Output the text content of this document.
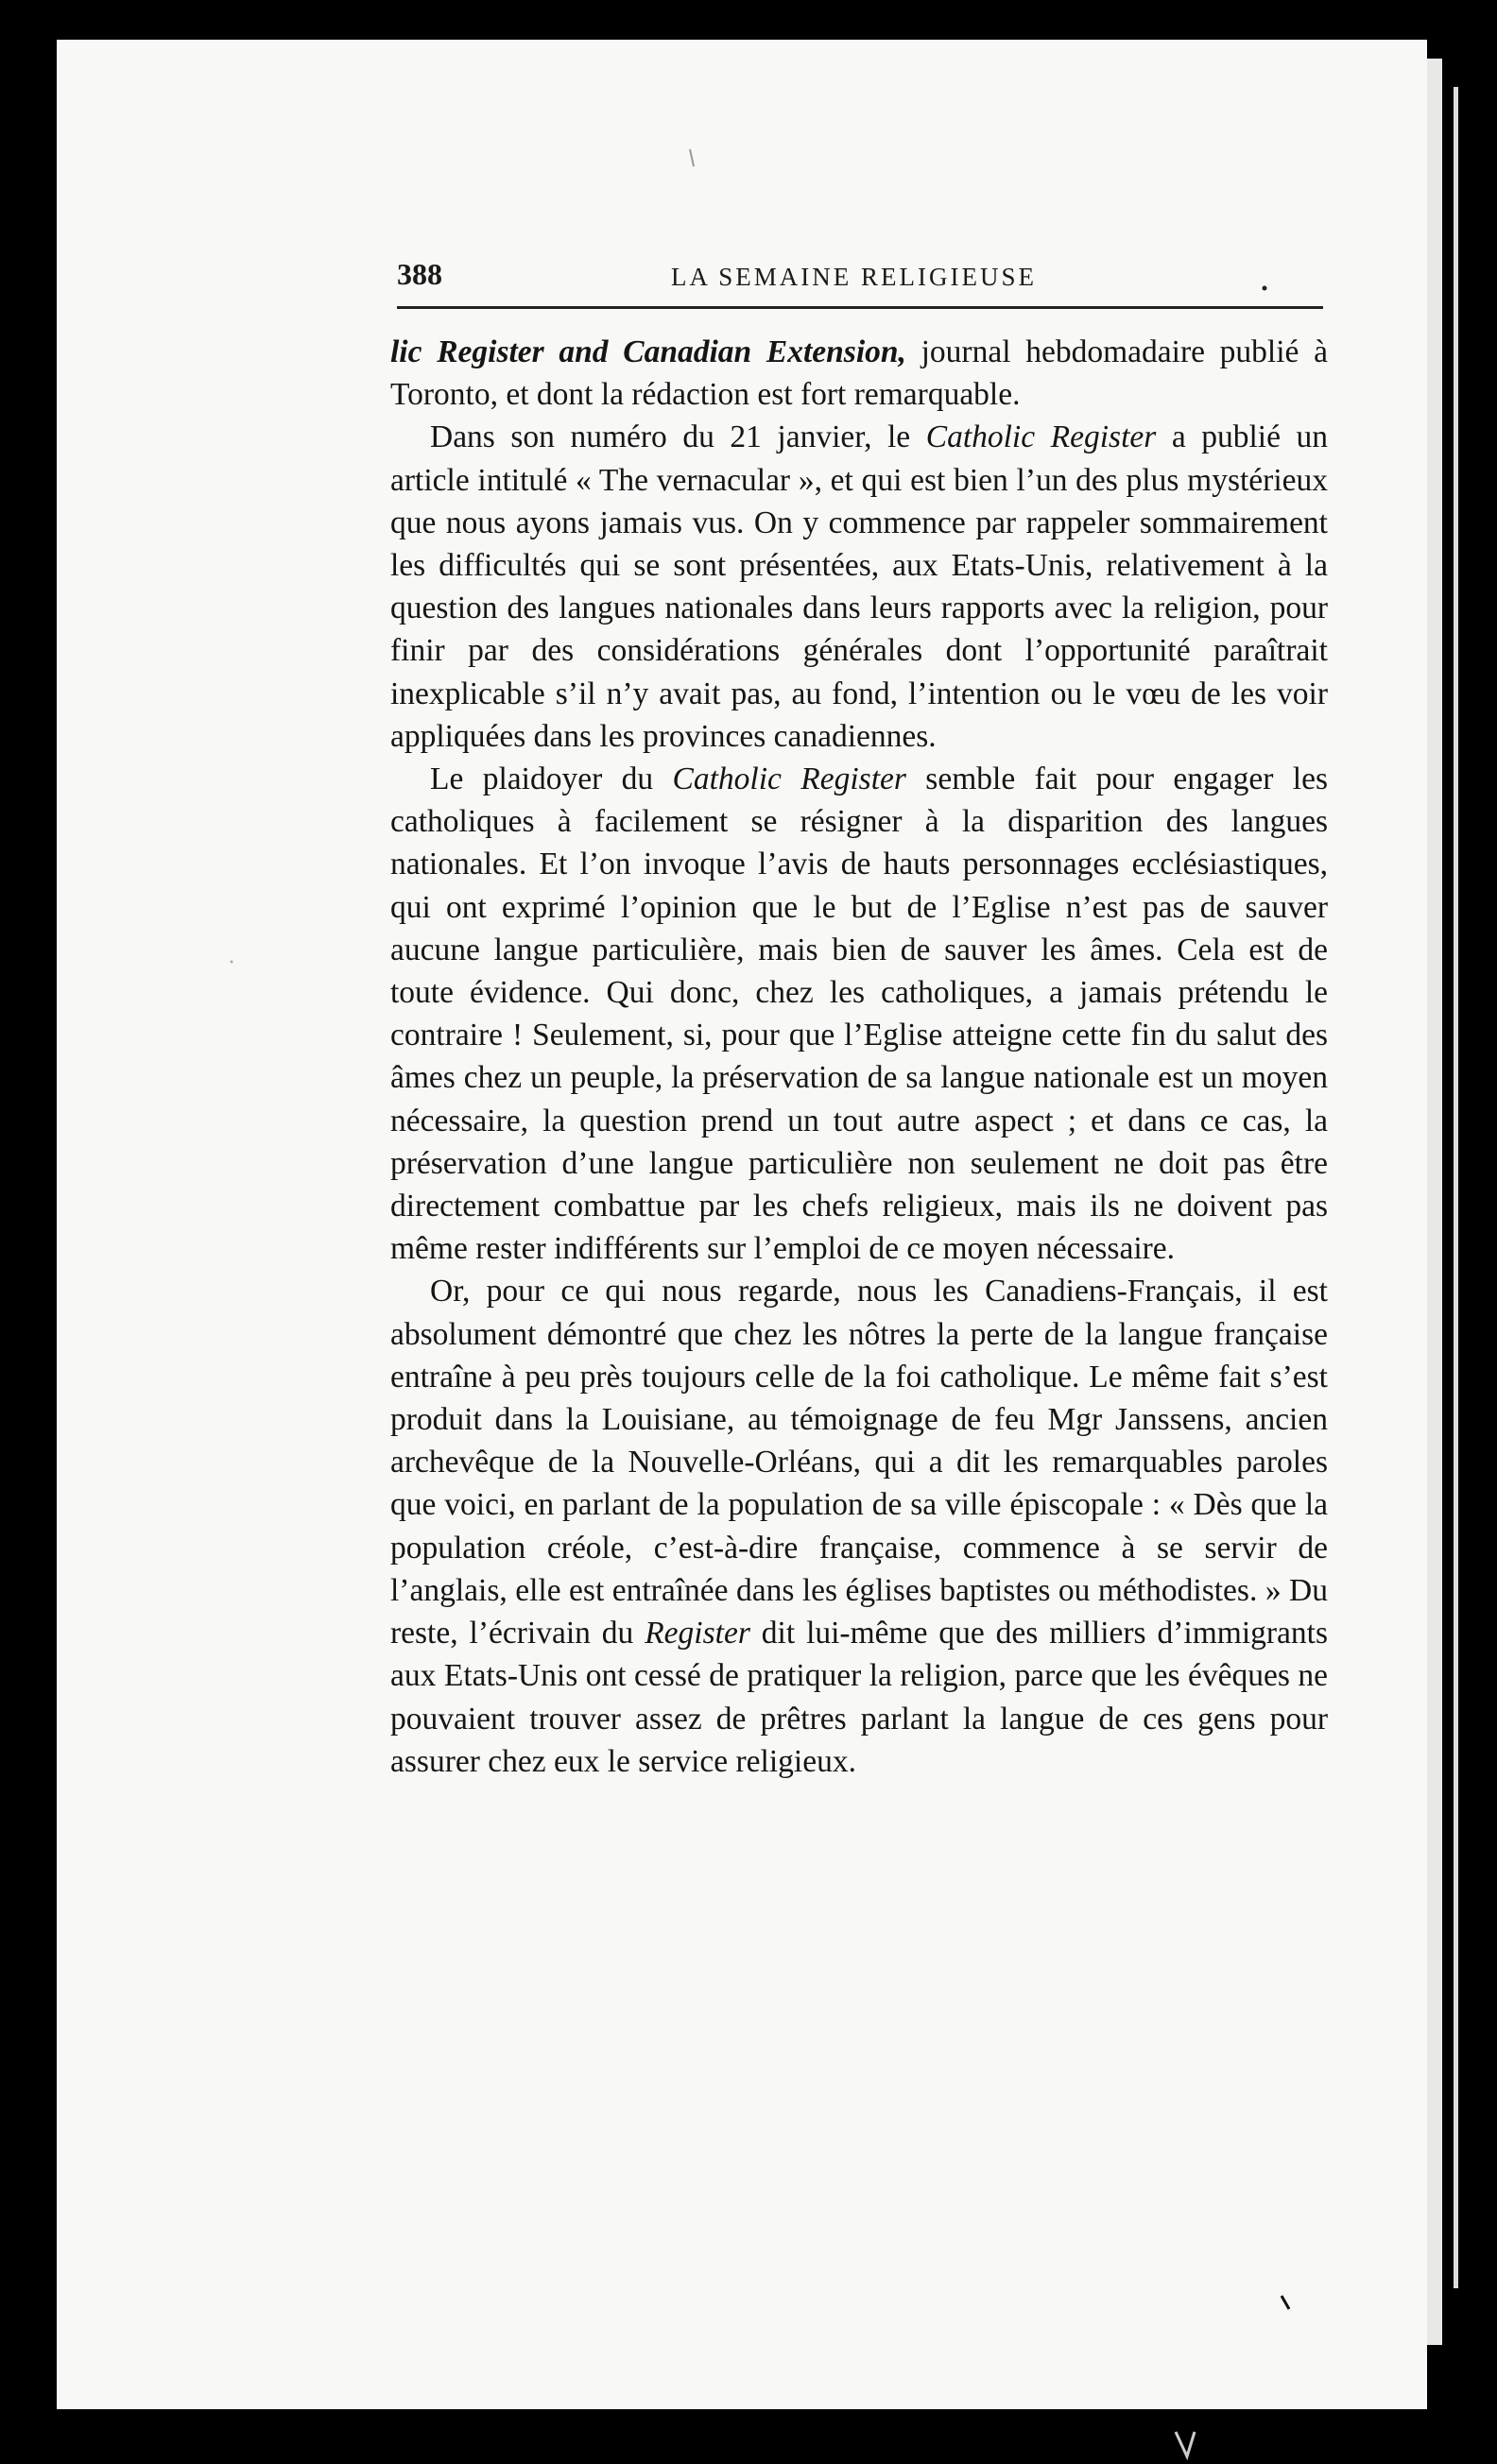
388	LA SEMAINE RELIGIEUSE

lic Register and Canadian Extension, journal hebdomadaire publié à Toronto, et dont la rédaction est fort remarquable.

Dans son numéro du 21 janvier, le Catholic Register a publié un article intitulé « The vernacular », et qui est bien l’un des plus mystérieux que nous ayons jamais vus. On y commence par rappeler sommairement les difficultés qui se sont présentées, aux Etats-Unis, relativement à la question des langues nationales dans leurs rapports avec la religion, pour finir par des considérations générales dont l’opportunité paraîtrait inexplicable s’il n’y avait pas, au fond, l’intention ou le vœu de les voir appliquées dans les provinces canadiennes.

Le plaidoyer du Catholic Register semble fait pour engager les catholiques à facilement se résigner à la disparition des langues nationales. Et l’on invoque l’avis de hauts personnages ecclésiastiques, qui ont exprimé l’opinion que le but de l’Eglise n’est pas de sauver aucune langue particulière, mais bien de sauver les âmes. Cela est de toute évidence. Qui donc, chez les catholiques, a jamais prétendu le contraire ! Seulement, si, pour que l’Eglise atteigne cette fin du salut des âmes chez un peuple, la préservation de sa langue nationale est un moyen nécessaire, la question prend un tout autre aspect ; et dans ce cas, la préservation d’une langue particulière non seulement ne doit pas être directement combattue par les chefs religieux, mais ils ne doivent pas même rester indifférents sur l’emploi de ce moyen nécessaire.

Or, pour ce qui nous regarde, nous les Canadiens-Français, il est absolument démontré que chez les nôtres la perte de la langue française entraîne à peu près toujours celle de la foi catholique. Le même fait s’est produit dans la Louisiane, au témoignage de feu Mgr Janssens, ancien archevêque de la Nouvelle-Orléans, qui a dit les remarquables paroles que voici, en parlant de la population de sa ville épiscopale : « Dès que la population créole, c’est-à-dire française, commence à se servir de l’anglais, elle est entraînée dans les églises baptistes ou méthodistes. » Du reste, l’écrivain du Register dit lui-même que des milliers d’immigrants aux Etats-Unis ont cessé de pratiquer la religion, parce que les évêques ne pouvaient trouver assez de prêtres parlant la langue de ces gens pour assurer chez eux le service religieux.
